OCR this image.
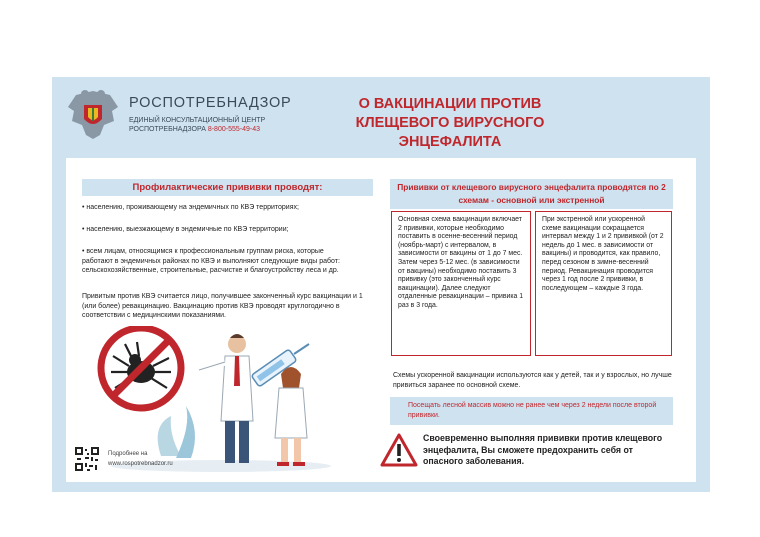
РОСПОТРЕБНАДЗОР
ЕДИНЫЙ КОНСУЛЬТАЦИОННЫЙ ЦЕНТР
РОСПОТРЕБНАДЗОРА 8-800-555-49-43
О ВАКЦИНАЦИИ ПРОТИВ
КЛЕЩЕВОГО ВИРУСНОГО ЭНЦЕФАЛИТА
Профилактические прививки проводят:
• населению, проживающему на эндемичных по КВЭ территориях;
• населению, выезжающему в эндемичные по КВЭ территории;
• всем лицам, относящимся к профессиональным группам риска, которые работают в эндемичных районах по КВЭ и выполняют следующие виды работ: сельскохозяйственные, строительные, расчистке и благоустройству леса и др.
Привитым против КВЭ считается лицо, получившее законченный курс вакцинации и 1 (или более) ревакцинацию. Вакцинацию против КВЭ проводят круглогодично в соответствии с медицинскими показаниями.
Подробнее на
www.rospotrebnadzor.ru
Прививки от клещевого вирусного энцефалита проводятся по 2 схемам - основной или экстренной
Основная схема вакцинации включает 2 прививки, которые необходимо поставить в осенне-весенний период (ноябрь-март) с интервалом, в зависимости от вакцины от 1 до 7 мес. Затем через 5-12 мес. (в зависимости от вакцины) необходимо поставить 3 прививку (это законченный курс вакцинации). Далее следуют отдаленные ревакцинации – привика 1 раз в 3 года.
При экстренной или ускоренной схеме вакцинации сокращается интервал между 1 и 2 прививкой (от 2 недель до 1 мес. в зависимости от вакцины) и проводится, как правило, перед сезоном в зимне-весенний период. Ревакцинация проводится через 1 год после 2 прививки, в последующем – каждые 3 года.
Схемы ускоренной вакцинации используются как у детей, так и у взрослых, но лучше привиться заранее по основной схеме.
Посещать лесной массив можно не ранее чем через 2 недели после второй прививки.
Своевременно выполняя прививки против клещевого энцефалита, Вы сможете предохранить себя от опасного заболевания.
